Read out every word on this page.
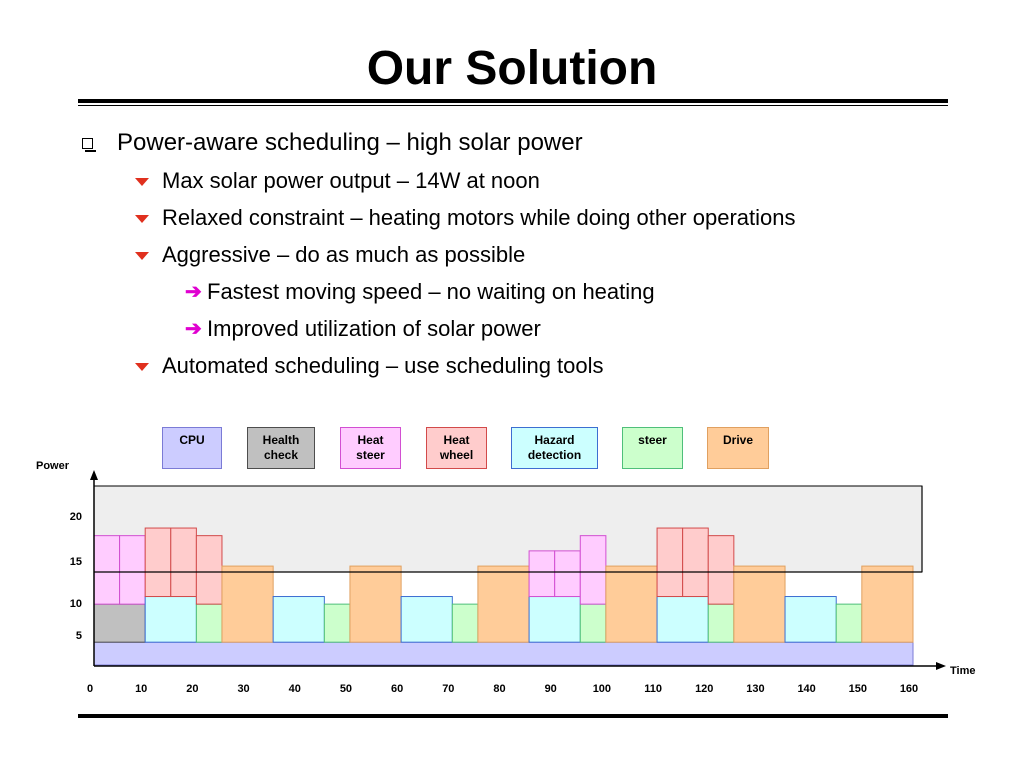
Our Solution
Power-aware scheduling – high solar power
Max solar power output – 14W at noon
Relaxed constraint – heating motors while doing other operations
Aggressive – do as much as possible
➔ Fastest moving speed – no waiting on heating
➔ Improved utilization of solar power
Automated scheduling – use scheduling tools
CPU	Health
check
Heat
steer
Heat
wheel
Hazard
detection
steer	Drive
0	10	20	30	40	50	60	70	80	90	100	110	120	130	140	150	160
5
10
15
20
Power
Time
